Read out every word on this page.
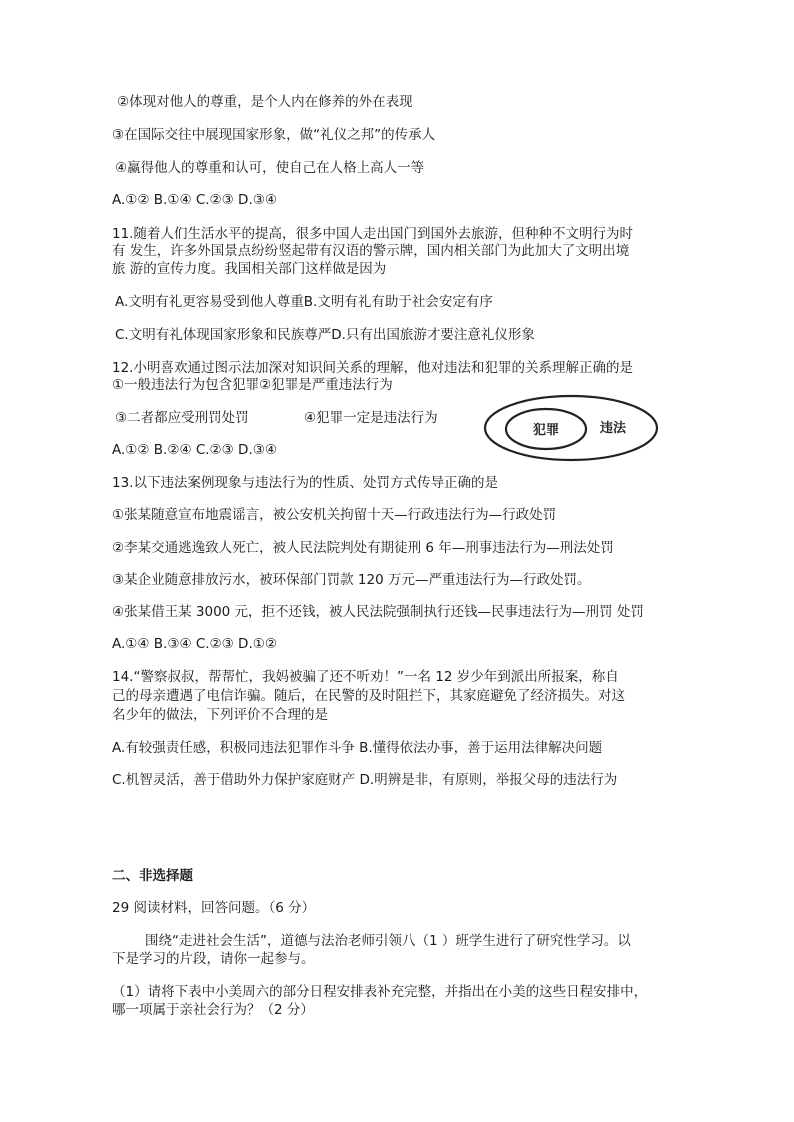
②体现对他人的尊重，是个人内在修养的外在表现
③在国际交往中展现国家形象，做“礼仪之邦”的传承人
④赢得他人的尊重和认可，使自己在人格上高人一等
A.①② B.①④ C.②③ D.③④
11.随着人们生活水平的提高，很多中国人走出国门到国外去旅游，但种种不文明行为时
有 发生，许多外国景点纷纷竖起带有汉语的警示牌，国内相关部门为此加大了文明出境
旅 游的宣传力度。我国相关部门这样做是因为
A.文明有礼更容易受到他人尊重B.文明有礼有助于社会安定有序
C.文明有礼体现国家形象和民族尊严D.只有出国旅游才要注意礼仪形象
12.小明喜欢通过图示法加深对知识间关系的理解，他对违法和犯罪的关系理解正确的是
①一般违法行为包含犯罪②犯罪是严重违法行为
③二者都应受刑罚处罚	④犯罪一定是违法行为
A.①② B.②④ C.②③ D.③④
犯罪	违法
13.以下违法案例现象与违法行为的性质、处罚方式传导正确的是
①张某随意宣布地震谣言，被公安机关拘留十天—行政违法行为—行政处罚
②李某交通逃逸致人死亡，被人民法院判处有期徒刑 6 年—刑事违法行为—刑法处罚
③某企业随意排放污水，被环保部门罚款 120 万元—严重违法行为—行政处罚。
④张某借王某 3000 元，拒不还钱，被人民法院强制执行还钱—民事违法行为—刑罚 处罚
A.①④ B.③④ C.②③ D.①②
14.“警察叔叔，帮帮忙，我妈被骗了还不听劝！”一名 12 岁少年到派出所报案，称自
己的母亲遭遇了电信诈骗。随后，在民警的及时阻拦下，其家庭避免了经济损失。对这
名少年的做法，下列评价不合理的是
A.有较强责任感，积极同违法犯罪作斗争 B.懂得依法办事，善于运用法律解决问题
C.机智灵活，善于借助外力保护家庭财产 D.明辨是非，有原则，举报父母的违法行为
二、非选择题
29 阅读材料，回答问题。（6 分）
围绕“走进社会生活”，道德与法治老师引领八（1 ）班学生进行了研究性学习。以
下是学习的片段，请你一起参与。
（1）请将下表中小美周六的部分日程安排表补充完整，并指出在小美的这些日程安排中，
哪一项属于亲社会行为？（2 分）
